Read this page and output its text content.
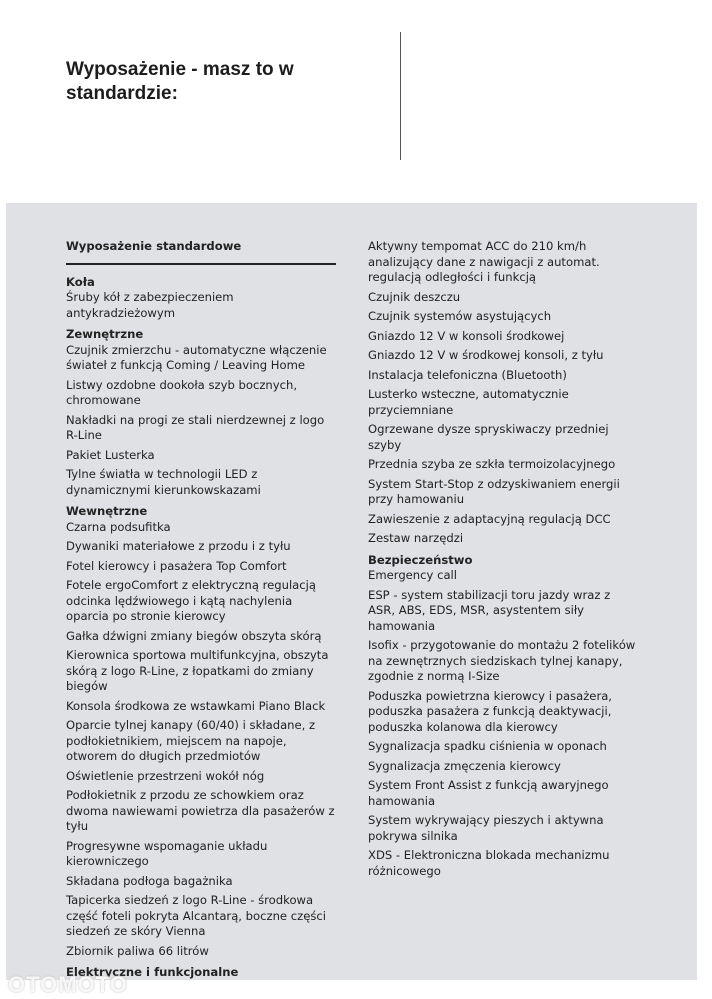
Wyposażenie - masz to w standardzie:
Wyposażenie standardowe
Koła
Śruby kół z zabezpieczeniem antykradzieżowym
Zewnętrzne
Czujnik zmierzchu - automatyczne włączenie świateł z funkcją Coming / Leaving Home
Listwy ozdobne dookoła szyb bocznych, chromowane
Nakładki na progi ze stali nierdzewnej z logo R-Line
Pakiet Lusterka
Tylne światła w technologii LED z dynamicznymi kierunkowskazami
Wewnętrzne
Czarna podsufitka
Dywaniki materiałowe z przodu i z tyłu
Fotel kierowcy i pasażera Top Comfort
Fotele ergoComfort z elektryczną regulacją odcinka lędźwiowego i kątą nachylenia oparcia po stronie kierowcy
Gałka dźwigni zmiany biegów obszyta skórą
Kierownica sportowa multifunkcyjna, obszyta skórą z logo R-Line, z łopatkami do zmiany biegów
Konsola środkowa ze wstawkami Piano Black
Oparcie tylnej kanapy (60/40) i składane, z podłokietnikiem, miejscem na napoje, otworem do długich przedmiotów
Oświetlenie przestrzeni wokół nóg
Podłokietnik z przodu ze schowkiem oraz dwoma nawiewami powietrza dla pasażerów z tyłu
Progresywne wspomaganie układu kierowniczego
Składana podłoga bagażnika
Tapicerka siedzeń z logo R-Line - środkowa część foteli pokryta Alcantarą, boczne części siedzeń ze skóry Vienna
Zbiornik paliwa 66 litrów
Elektryczne i funkcjonalne
Aktywny tempomat ACC do 210 km/h analizujący dane z nawigacji z automat. regulacją odległości i funkcją
Czujnik deszczu
Czujnik systemów asystujących
Gniazdo 12 V w konsoli środkowej
Gniazdo 12 V w środkowej konsoli, z tyłu
Instalacja telefoniczna (Bluetooth)
Lusterko wsteczne, automatycznie przyciemniane
Ogrzewane dysze spryskiwaczy przedniej szyby
Przednia szyba ze szkła termoizolacyjnego
System Start-Stop z odzyskiwaniem energii przy hamowaniu
Zawieszenie z adaptacyjną regulacją DCC
Zestaw narzędzi
Bezpieczeństwo
Emergency call
ESP - system stabilizacji toru jazdy wraz z ASR, ABS, EDS, MSR, asystentem siły hamowania
Isofix - przygotowanie do montażu 2 fotelików na zewnętrznych siedziskach tylnej kanapy, zgodnie z normą I-Size
Poduszka powietrzna kierowcy i pasażera, poduszka pasażera z funkcją deaktywacji, poduszka kolanowa dla kierowcy
Sygnalizacja spadku ciśnienia w oponach
Sygnalizacja zmęczenia kierowcy
System Front Assist z funkcją awaryjnego hamowania
System wykrywający pieszych i aktywna pokrywa silnika
XDS - Elektroniczna blokada mechanizmu różnicowego
OTOMOTO
